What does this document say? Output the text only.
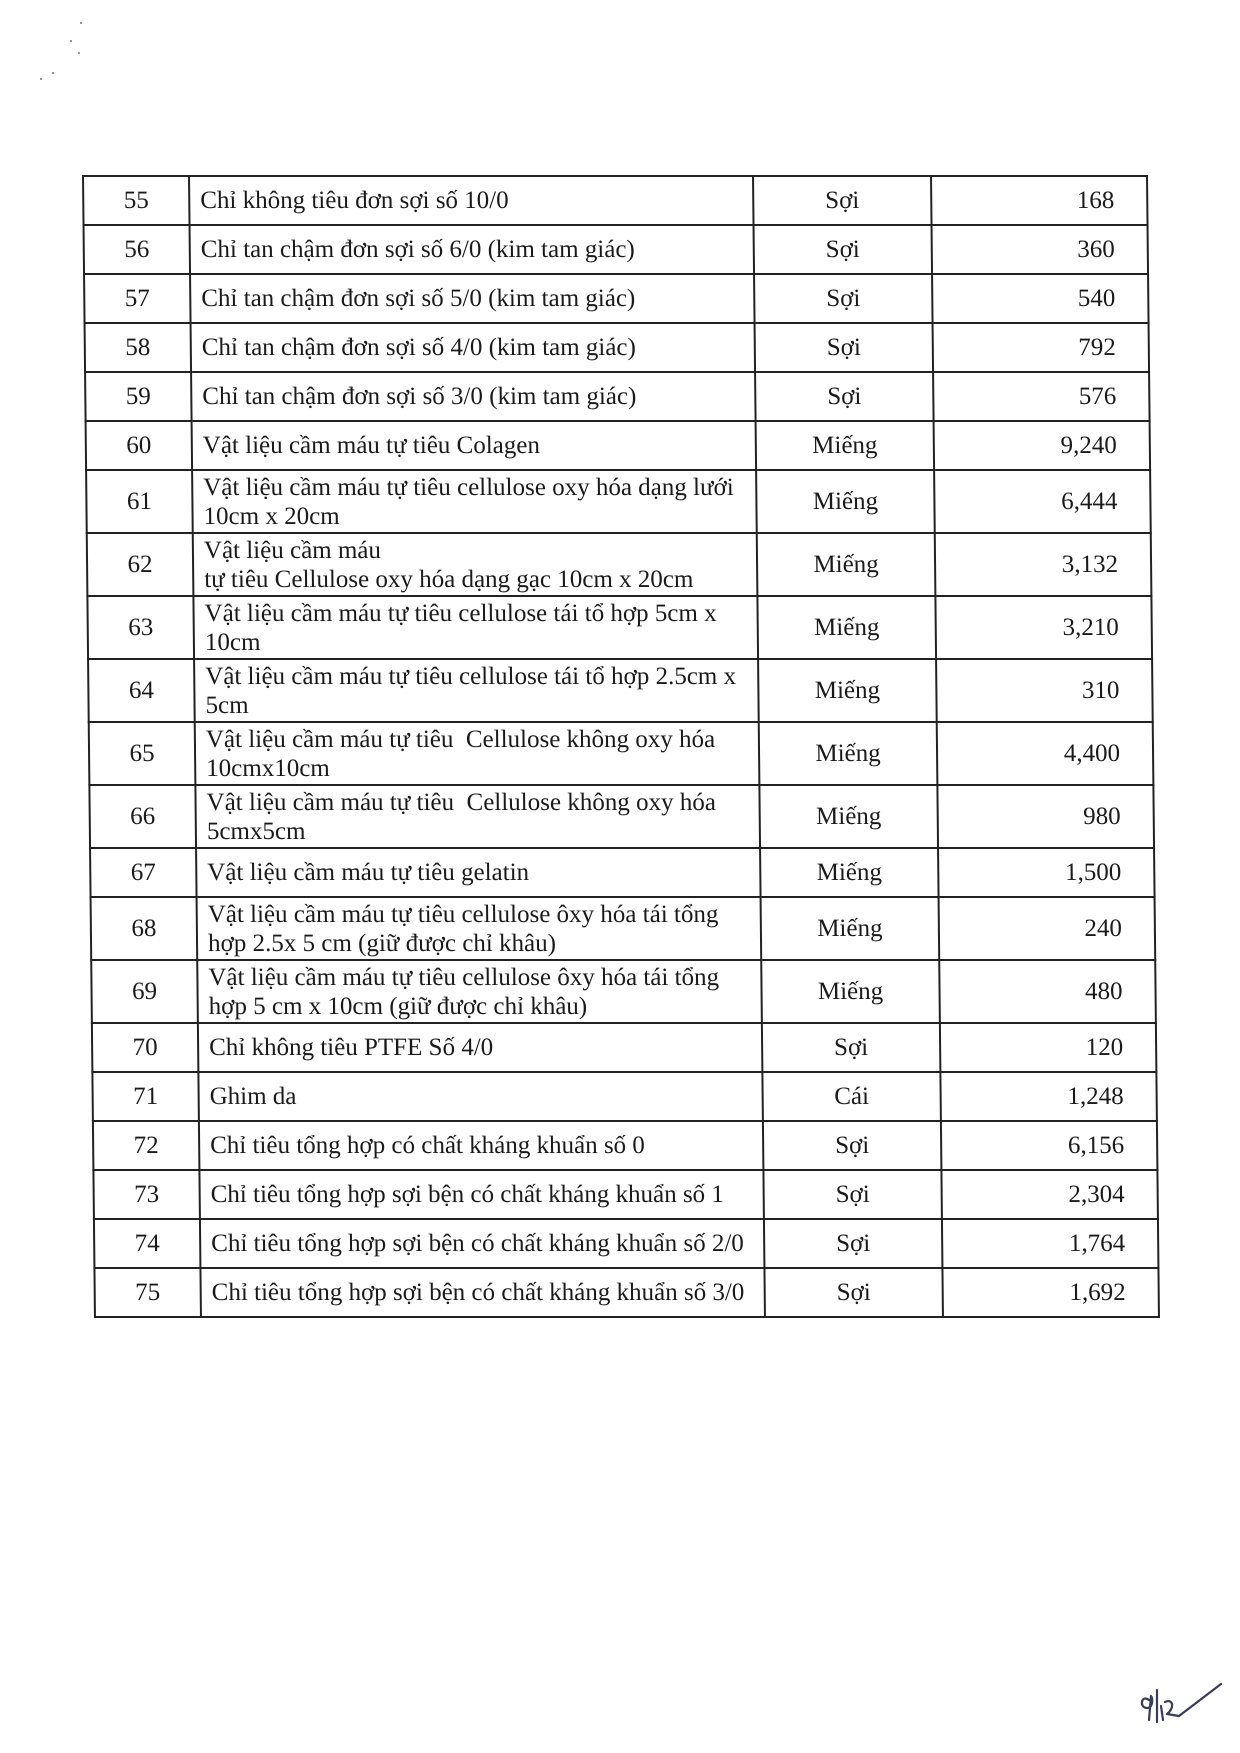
55	Chỉ không tiêu đơn sợi số 10/0	Sợi	168
56	Chỉ tan chậm đơn sợi số 6/0 (kim tam giác)	Sợi	360
57	Chỉ tan chậm đơn sợi số 5/0 (kim tam giác)	Sợi	540
58	Chỉ tan chậm đơn sợi số 4/0 (kim tam giác)	Sợi	792
59	Chỉ tan chậm đơn sợi số 3/0 (kim tam giác)	Sợi	576
60	Vật liệu cầm máu tự tiêu Colagen	Miếng	9,240
61	Vật liệu cầm máu tự tiêu cellulose oxy hóa dạng lưới
10cm x 20cm	Miếng	6,444
62	Vật liệu cầm máu
tự tiêu Cellulose oxy hóa dạng gạc 10cm x 20cm	Miếng	3,132
63	Vật liệu cầm máu tự tiêu cellulose tái tổ hợp 5cm x
10cm	Miếng	3,210
64	Vật liệu cầm máu tự tiêu cellulose tái tổ hợp 2.5cm x
5cm	Miếng	310
65	Vật liệu cầm máu tự tiêu  Cellulose không oxy hóa
10cmx10cm	Miếng	4,400
66	Vật liệu cầm máu tự tiêu  Cellulose không oxy hóa
5cmx5cm	Miếng	980
67	Vật liệu cầm máu tự tiêu gelatin	Miếng	1,500
68	Vật liệu cầm máu tự tiêu cellulose ôxy hóa tái tổng
hợp 2.5x 5 cm (giữ được chỉ khâu)	Miếng	240
69	Vật liệu cầm máu tự tiêu cellulose ôxy hóa tái tổng
hợp 5 cm x 10cm (giữ được chỉ khâu)	Miếng	480
70	Chỉ không tiêu PTFE Số 4/0	Sợi	120
71	Ghim da	Cái	1,248
72	Chỉ tiêu tổng hợp có chất kháng khuẩn số 0	Sợi	6,156
73	Chỉ tiêu tổng hợp sợi bện có chất kháng khuẩn số 1	Sợi	2,304
74	Chỉ tiêu tổng hợp sợi bện có chất kháng khuẩn số 2/0	Sợi	1,764
75	Chỉ tiêu tổng hợp sợi bện có chất kháng khuẩn số 3/0	Sợi	1,692
